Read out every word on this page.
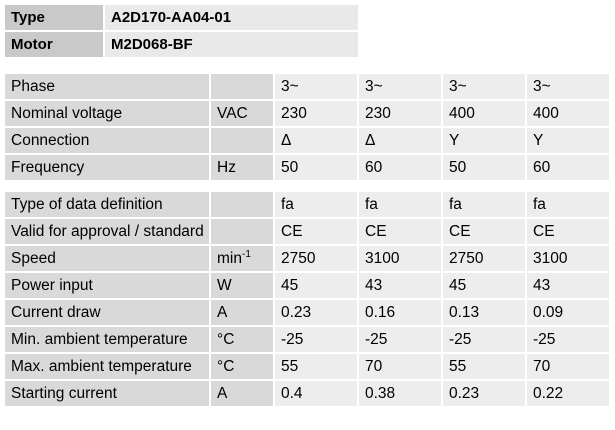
Type	A2D170-AA04-01
Motor	M2D068-BF
Phase		3~	3~	3~	3~
Nominal voltage	VAC	230	230	400	400
Connection		Δ	Δ	Y	Y
Frequency	Hz	50	60	50	60

Type of data definition		fa	fa	fa	fa
Valid for approval / standard		CE	CE	CE	CE
Speed	$\min^{-1}$	2750	3100	2750	3100
Power input	W	45	43	45	43
Current draw	A	0.23	0.16	0.13	0.09
Min. ambient temperature	°C	-25	-25	-25	-25
Max. ambient temperature	°C	55	70	55	70
Starting current	A	0.4	0.38	0.23	0.22
